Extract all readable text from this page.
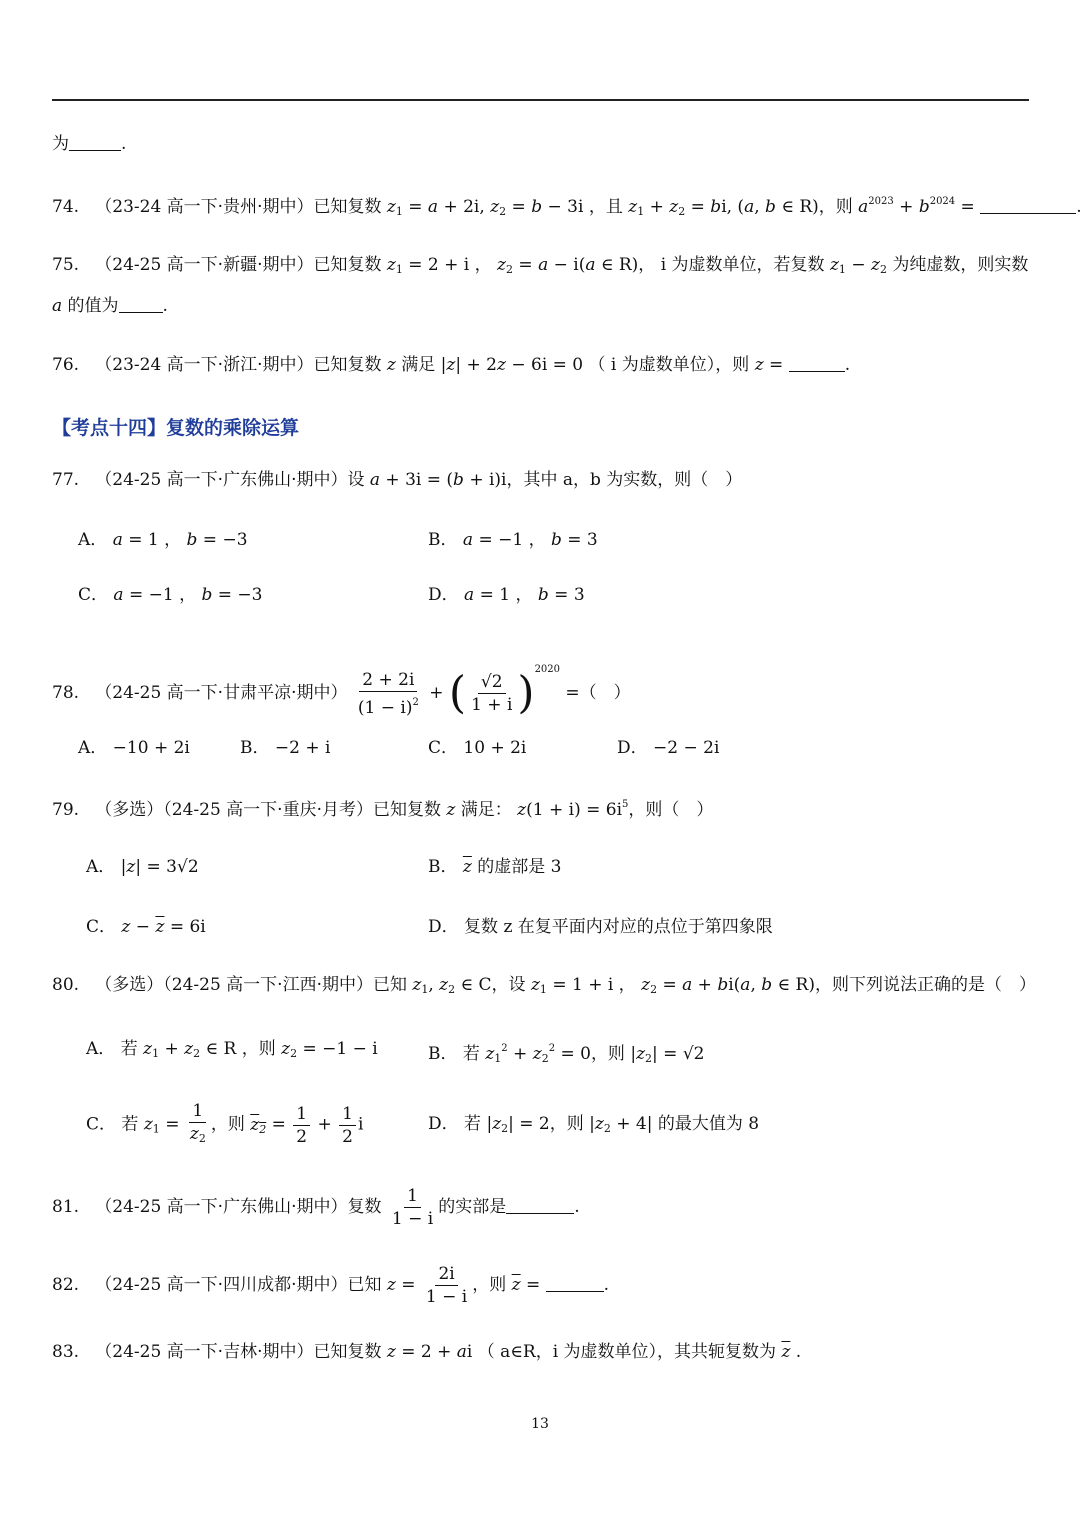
为	.
74. （23-24 高一下·贵州·期中）已知复数 $z_1 = a + 2i$, $z_2 = b - 3i$ ，且 $z_1 + z_2$ = bi, (a, b ∈ R)，则 $a^{2023} + b^{2024}$ =	.
75. （24-25 高一下·新疆·期中）已知复数 $z_1 = 2 + i$ ， $z_2 = a - i(a$ ∈ R)， i 为虚数单位，若复数 $z_1 - z_2$ 为纯虚数，则实数
a 的值为	.
76. （23-24 高一下·浙江·期中）已知复数 z 满足 |z| + 2z − 6i = 0 （ i 为虚数单位），则 z =	.
【考点十四】复数的乘除运算
77. （24-25 高一下·广东佛山·期中）设 a + 3i = (b + i)i，其中 a，b 为实数，则（　）
A． a = 1 ， b = −3	B． a = −1 ， b = 3
C． a = −1 ， b = −3	D． a = 1 ， b = 3
78. （24-25 高一下·甘肃平凉·期中） $\frac{2 + 2i}{(1 - i)^2}$ + ( $\frac{√2}{1 + i} )^{2020}$ =（　）
A． −10 + 2i	B． −2 + i	C． 10 + 2i	D． −2 − 2i
79. （多选）（24-25 高一下·重庆·月考）已知复数 z 满足： $z(1 + i) = 6i^5$，则（　）
A． |z| = 3√2	B． $\overline{z}$ 的虚部是 3
C． $z - \overline{z} = 6i$	D． 复数 z 在复平面内对应的点位于第四象限
80. （多选）（24-25 高一下·江西·期中）已知 $z_1$, $z_2$ ∈ C，设 $z_1 = 1 + i$ ， $z_2 = a + bi(a$, b ∈ R)，则下列说法正确的是（　）
A． 若 $z_1 + z_2$ ∈ R ，则 $z_2 = -1 - i$	B． 若 $z_1^2 + z_2^2 = 0$，则 $|z_2| = √2$
C． 若 $z_1 = \frac{1}{z_2}$ ，则 $z_2 = \frac{1}{2} + \frac{1}{2}$ i	D． 若 $|z_2| = 2$，则 $|z_2 + 4|$ 的最大值为 8
81. （24-25 高一下·广东佛山·期中）复数 $\frac{1}{1 - i}$ 的实部是	.
82. （24-25 高一下·四川成都·期中）已知 $z = \frac{2i}{1 - i}$ ，则 $\overline{z}$ =	.
83. （24-25 高一下·吉林·期中）已知复数 z = 2 + ai （ a∈R，i 为虚数单位），其共轭复数为 $\overline{z}$ .
13
